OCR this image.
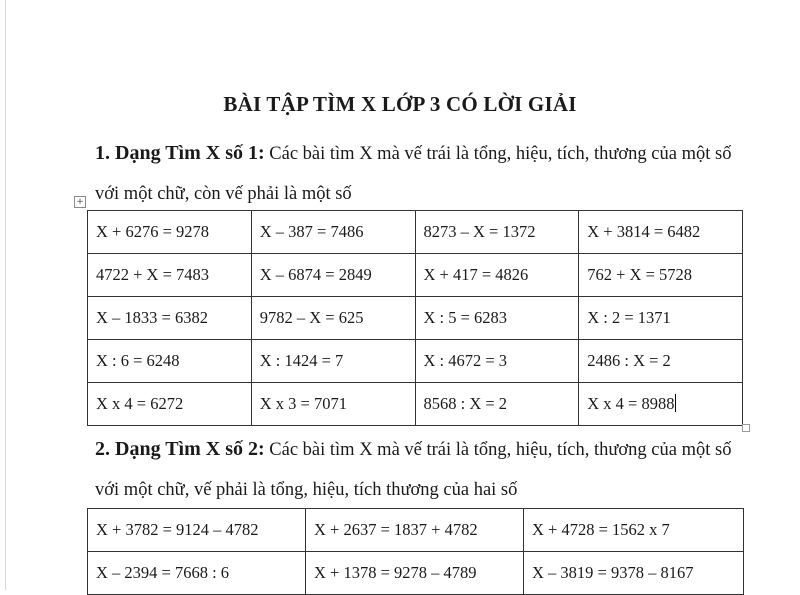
BÀI TẬP TÌM X LỚP 3 CÓ LỜI GIẢI
1. Dạng Tìm X số 1: Các bài tìm X mà vế trái là tổng, hiệu, tích, thương của một số với một chữ, còn vế phải là một số
+
X + 6276 = 9278	X – 387 = 7486	8273 – X = 1372	X + 3814 = 6482
4722 + X = 7483	X – 6874 = 2849	X + 417 = 4826	762 + X = 5728
X – 1833 = 6382	9782 – X = 625	X : 5 = 6283	X : 2 = 1371
X : 6 = 6248	X : 1424 = 7	X : 4672 = 3	2486 : X = 2
X x 4 = 6272	X x 3 = 7071	8568 : X = 2	X x 4 = 8988
2. Dạng Tìm X số 2: Các bài tìm X mà vế trái là tổng, hiệu, tích, thương của một số với một chữ, vế phải là tổng, hiệu, tích thương của hai số
X + 3782 = 9124 – 4782	X + 2637 = 1837 + 4782	X + 4728 = 1562 x 7
X – 2394 = 7668 : 6	X + 1378 = 9278 – 4789	X – 3819 = 9378 – 8167
